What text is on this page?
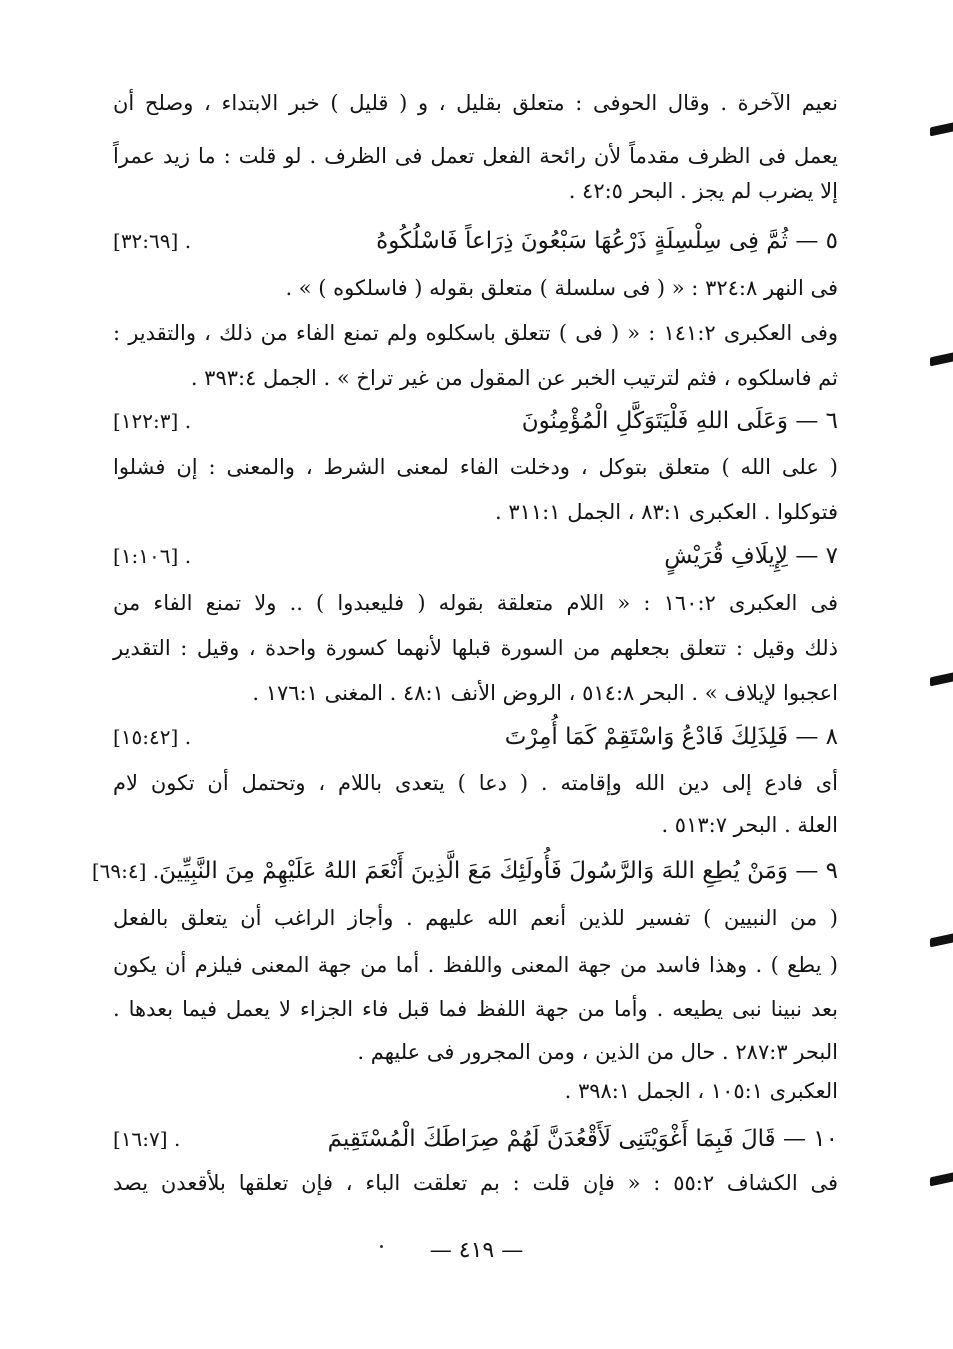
نعيم الآخرة . وقال الحوفى : متعلق بقليل ، و ( قليل ) خبر الابتداء ، وصلح أن
يعمل فى الظرف مقدماً لأن رائحة الفعل تعمل فى الظرف . لو قلت : ما زيد عمراً
إلا يضرب لم يجز . البحر ٤٢:٥ .
٥ — ثُمَّ فِى سِلْسِلَةٍ ذَرْعُهَا سَبْعُونَ ذِرَاعاً فَاسْلُكُوهُ
[٣٢:٦٩] .
فى النهر ٣٢٤:٨ : « ( فى سلسلة ) متعلق بقوله ( فاسلكوه ) » .
وفى العكبرى ١٤١:٢ : « ( فى ) تتعلق باسكلوه ولم تمنع الفاء من ذلك ، والتقدير :
ثم فاسلكوه ، فثم لترتيب الخبر عن المقول من غير تراخ » . الجمل ٣٩٣:٤ .
٦ — وَعَلَى اللهِ فَلْيَتَوَكَّلِ الْمُؤْمِنُونَ
[١٢٢:٣] .
( على الله ) متعلق بتوكل ، ودخلت الفاء لمعنى الشرط ، والمعنى : إن فشلوا
فتوكلوا . العكبرى ٨٣:١ ، الجمل ٣١١:١ .
٧ — لِإِيلَافِ قُرَيْشٍ
[١:١٠٦] .
فى العكبرى ١٦٠:٢ : « اللام متعلقة بقوله ( فليعبدوا ) .. ولا تمنع الفاء من
ذلك وقيل : تتعلق بجعلهم من السورة قبلها لأنهما كسورة واحدة ، وقيل : التقدير
اعجبوا لإيلاف » . البحر ٥١٤:٨ ، الروض الأنف ٤٨:١ . المغنى ١٧٦:١ .
٨ — فَلِذَلِكَ فَادْعُ وَاسْتَقِمْ كَمَا أُمِرْتَ
[١٥:٤٢] .
أى فادع إلى دين الله وإقامته . ( دعا ) يتعدى باللام ، وتحتمل أن تكون لام
العلة . البحر ٥١٣:٧ .
٩ — وَمَنْ يُطِعِ اللهَ وَالرَّسُولَ فَأُولَئِكَ مَعَ الَّذِينَ أَنْعَمَ اللهُ عَلَيْهِمْ مِنَ النَّبِيِّينَ
[٦٩:٤] .
( من النبيين ) تفسير للذين أنعم الله عليهم . وأجاز الراغب أن يتعلق بالفعل
( يطع ) . وهذا فاسد من جهة المعنى واللفظ . أما من جهة المعنى فيلزم أن يكون
بعد نبينا نبى يطيعه . وأما من جهة اللفظ فما قبل فاء الجزاء لا يعمل فيما بعدها .
البحر ٢٨٧:٣ . حال من الذين ، ومن المجرور فى عليهم .
العكبرى ١٠٥:١ ، الجمل ٣٩٨:١ .
١٠ — قَالَ فَبِمَا أَغْوَيْتَنِى لَأَقْعُدَنَّ لَهُمْ صِرَاطَكَ الْمُسْتَقِيمَ
[١٦:٧] .
فى الكشاف ٥٥:٢ : « فإن قلت : بم تعلقت الباء ، فإن تعلقها بلأقعدن يصد
— ٤١٩ —
